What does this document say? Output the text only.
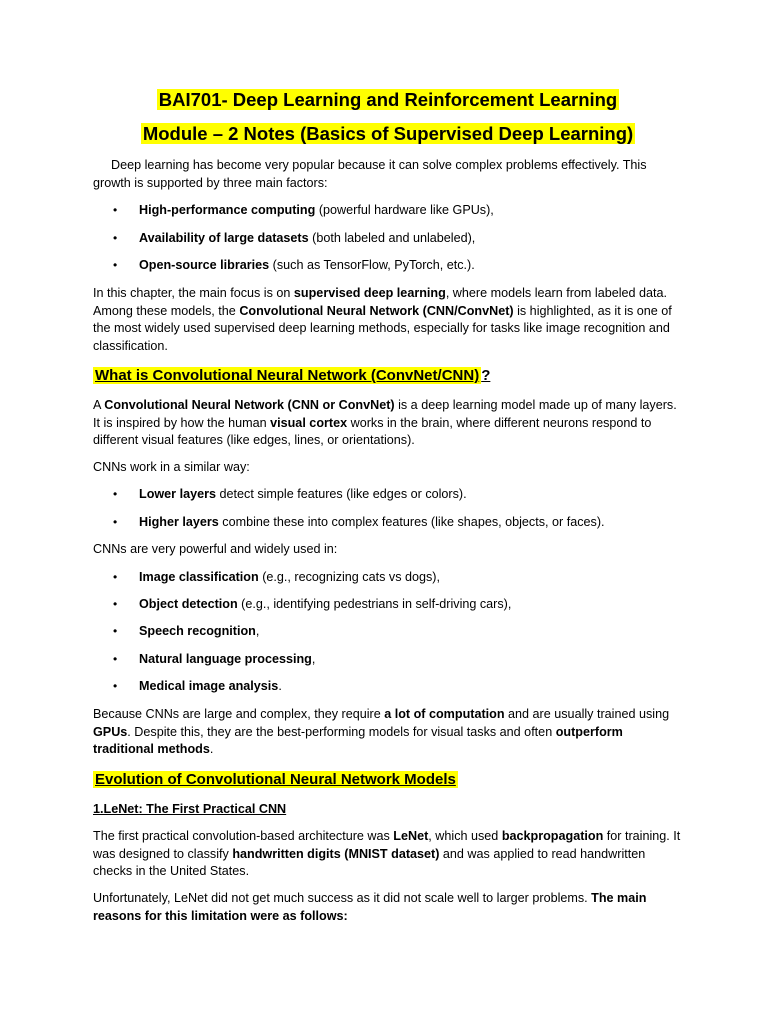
BAI701- Deep Learning and Reinforcement Learning
Module – 2 Notes (Basics of Supervised Deep Learning)

Deep learning has become very popular because it can solve complex problems effectively. This growth is supported by three main factors:

• High-performance computing (powerful hardware like GPUs),
• Availability of large datasets (both labeled and unlabeled),
• Open-source libraries (such as TensorFlow, PyTorch, etc.).

In this chapter, the main focus is on supervised deep learning, where models learn from labeled data. Among these models, the Convolutional Neural Network (CNN/ConvNet) is highlighted, as it is one of the most widely used supervised deep learning methods, especially for tasks like image recognition and classification.

What is Convolutional Neural Network (ConvNet/CNN) ?

A Convolutional Neural Network (CNN or ConvNet) is a deep learning model made up of many layers. It is inspired by how the human visual cortex works in the brain, where different neurons respond to different visual features (like edges, lines, or orientations).

CNNs work in a similar way:

• Lower layers detect simple features (like edges or colors).
• Higher layers combine these into complex features (like shapes, objects, or faces).

CNNs are very powerful and widely used in:

• Image classification (e.g., recognizing cats vs dogs),
• Object detection (e.g., identifying pedestrians in self-driving cars),
• Speech recognition,
• Natural language processing,
• Medical image analysis.

Because CNNs are large and complex, they require a lot of computation and are usually trained using GPUs. Despite this, they are the best-performing models for visual tasks and often outperform traditional methods.

Evolution of Convolutional Neural Network Models
1.LeNet: The First Practical CNN

The first practical convolution-based architecture was LeNet, which used backpropagation for training. It was designed to classify handwritten digits (MNIST dataset) and was applied to read handwritten checks in the United States.

Unfortunately, LeNet did not get much success as it did not scale well to larger problems. The main reasons for this limitation were as follows:
